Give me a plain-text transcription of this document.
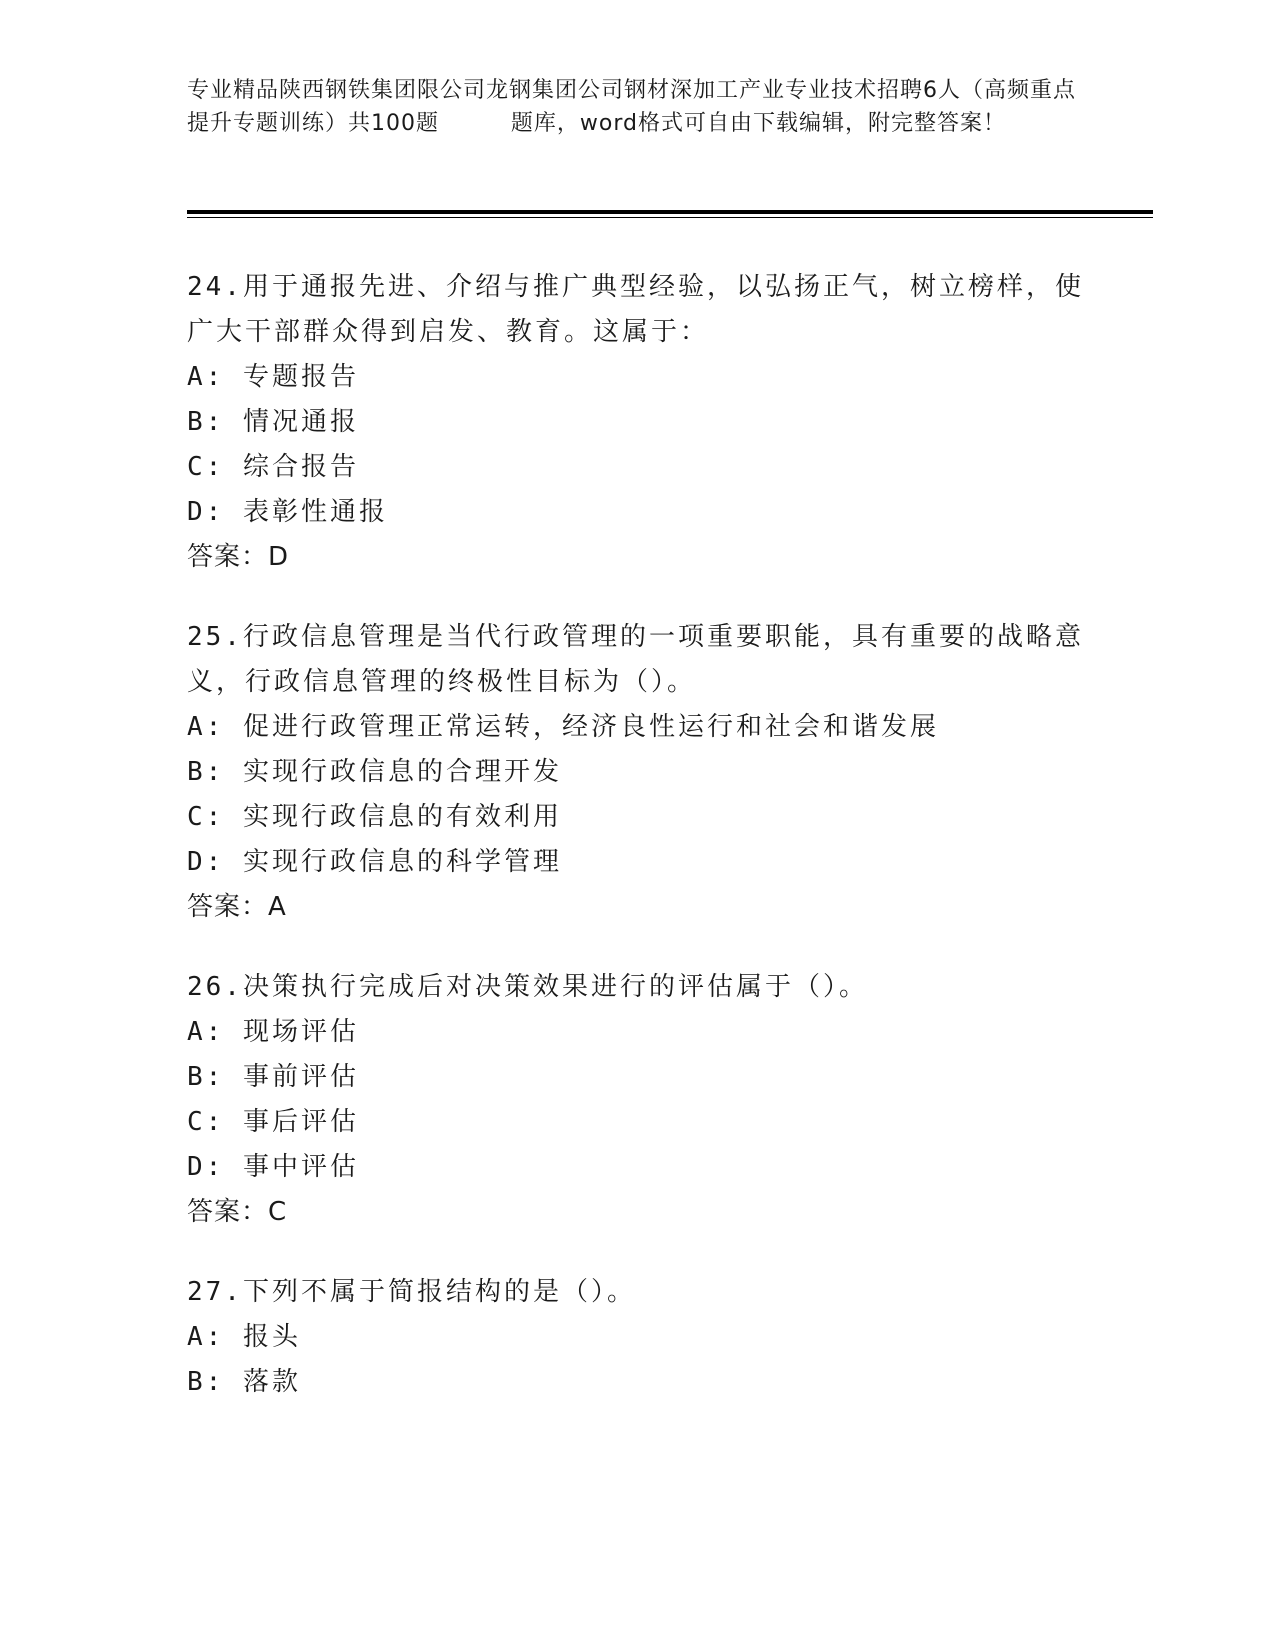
专业精品陕西钢铁集团限公司龙钢集团公司钢材深加工产业专业技术招聘6人（高频重点提升专题训练）共100题         题库，word格式可自由下载编辑，附完整答案！
24.用于通报先进、介绍与推广典型经验，以弘扬正气，树立榜样，使广大干部群众得到启发、教育。这属于：
A: 专题报告
B: 情况通报
C: 综合报告
D: 表彰性通报
答案：D
25.行政信息管理是当代行政管理的一项重要职能，具有重要的战略意义，行政信息管理的终极性目标为（）。
A: 促进行政管理正常运转，经济良性运行和社会和谐发展
B: 实现行政信息的合理开发
C: 实现行政信息的有效利用
D: 实现行政信息的科学管理
答案：A
26.决策执行完成后对决策效果进行的评估属于（）。
A: 现场评估
B: 事前评估
C: 事后评估
D: 事中评估
答案：C
27.下列不属于简报结构的是（）。
A: 报头
B: 落款
